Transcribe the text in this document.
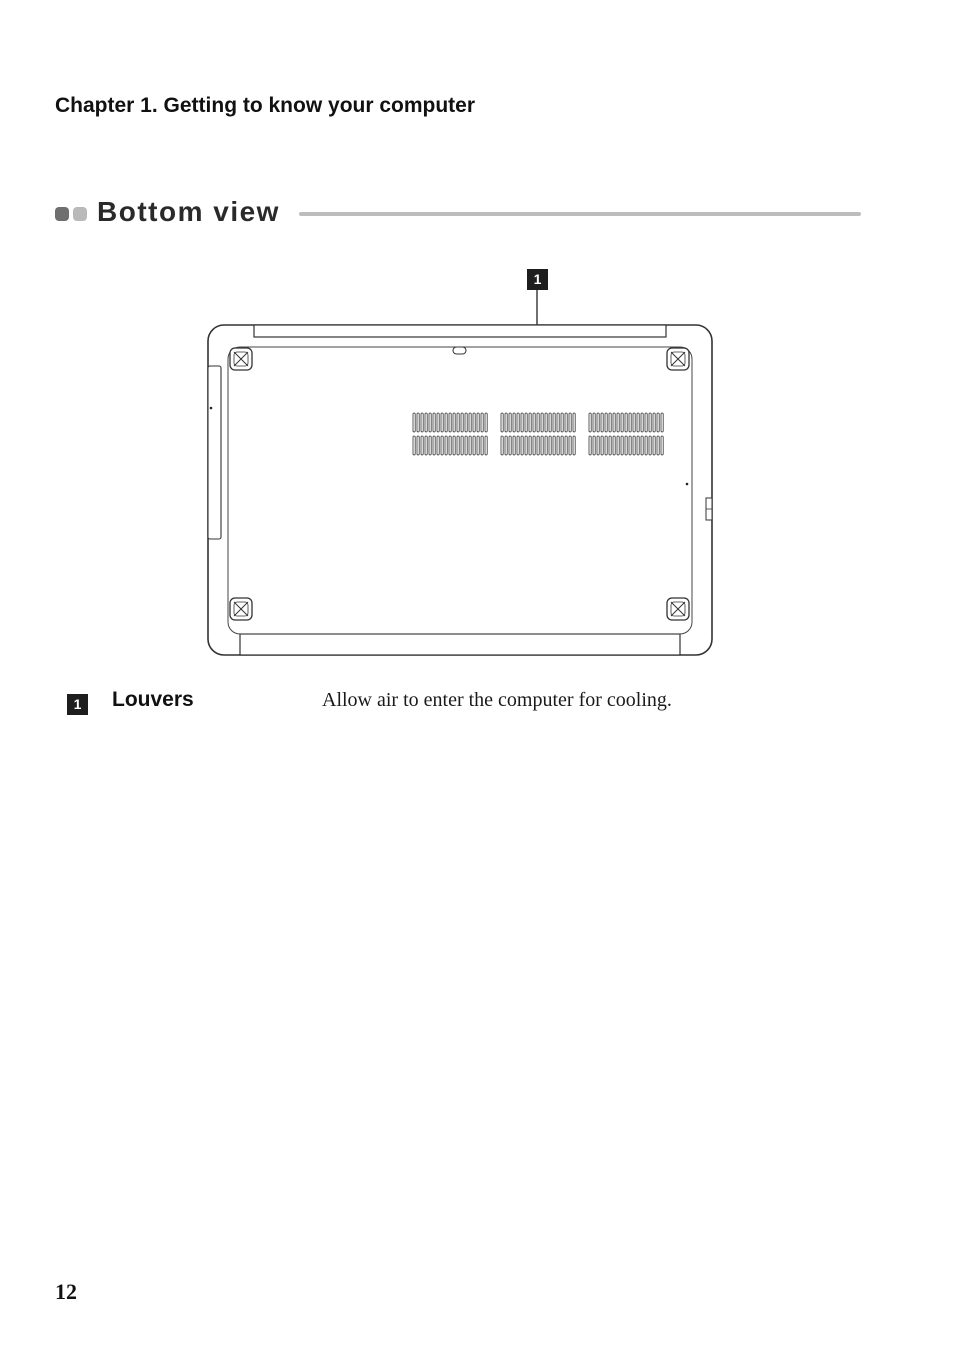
Chapter 1. Getting to know your computer
Bottom view
1
1	Louvers	Allow air to enter the computer for cooling.
12
